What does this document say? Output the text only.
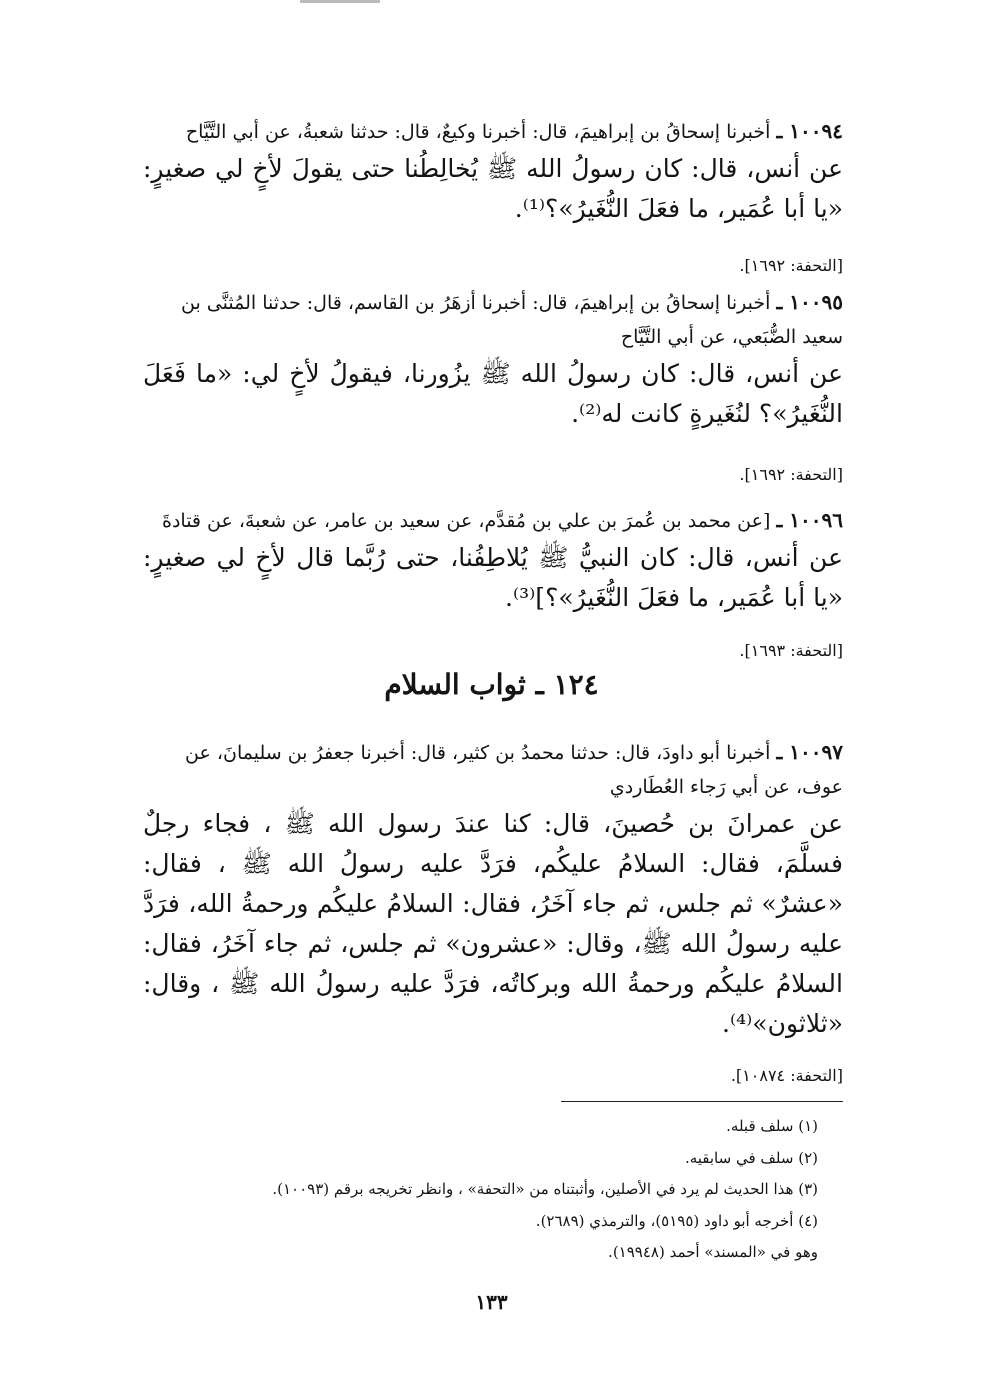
١٠٠٩٤ ـ أخبرنا إسحاقُ بن إبراهيمَ، قال: أخبرنا وكيعٌ، قال: حدثنا شعبةُ، عن أبي التَّيَّاح

عن أنس، قال: كان رسولُ الله ﷺ يُخالِطُنا حتى يقولَ لأخٍ لي صغيرٍ: «يا أبا عُمَير، ما فعَلَ النُّغَيرُ»؟⁽¹⁾.

[التحفة: ١٦٩٢].

١٠٠٩٥ ـ أخبرنا إسحاقُ بن إبراهيمَ، قال: أخبرنا أزهَرُ بن القاسم، قال: حدثنا المُثنَّى بن سعيد الضُّبَعي، عن أبي التَّيَّاح

عن أنس، قال: كان رسولُ الله ﷺ يزُورنا، فيقولُ لأخٍ لي: «ما فَعَلَ النُّغَيرُ»؟ لنُغَيرةٍ كانت له⁽²⁾.

[التحفة: ١٦٩٢].

١٠٠٩٦ ـ [عن محمد بن عُمرَ بن علي بن مُقدَّم، عن سعيد بن عامر، عن شعبةَ، عن قتادةَ

عن أنس، قال: كان النبيُّ ﷺ يُلاطِفُنا، حتى رُبَّما قال لأخٍ لي صغيرٍ: «يا أبا عُمَير، ما فعَلَ النُّغَيرُ»؟]⁽³⁾.

[التحفة: ١٦٩٣].
١٢٤ ـ ثواب السلام

١٠٠٩٧ ـ أخبرنا أبو داودَ، قال: حدثنا محمدُ بن كثير، قال: أخبرنا جعفرُ بن سليمانَ، عن عوف، عن أبي رَجاء العُطَاردي

عن عمرانَ بن حُصينَ، قال: كنا عندَ رسول الله ﷺ ، فجاء رجلٌ فسلَّمَ، فقال: السلامُ عليكُم، فرَدَّ عليه رسولُ الله ﷺ ، فقال: «عشرٌ» ثم جلس، ثم جاء آخَرُ، فقال: السلامُ عليكُم ورحمةُ الله، فرَدَّ عليه رسولُ الله ﷺ، وقال: «عشرون» ثم جلس، ثم جاء آخَرُ، فقال: السلامُ عليكُم ورحمةُ الله وبركاتُه، فرَدَّ عليه رسولُ الله ﷺ ، وقال: «ثلاثون»⁽⁴⁾.

[التحفة: ١٠٨٧٤].
(١) سلف قبله.
(٢) سلف في سابقيه.
(٣) هذا الحديث لم يرد في الأصلين، وأثبتناه من «التحفة» ، وانظر تخريجه برقم (١٠٠٩٣).
(٤) أخرجه أبو داود (٥١٩٥)، والترمذي (٢٦٨٩).
وهو في «المسند» أحمد (١٩٩٤٨).
١٣٣
